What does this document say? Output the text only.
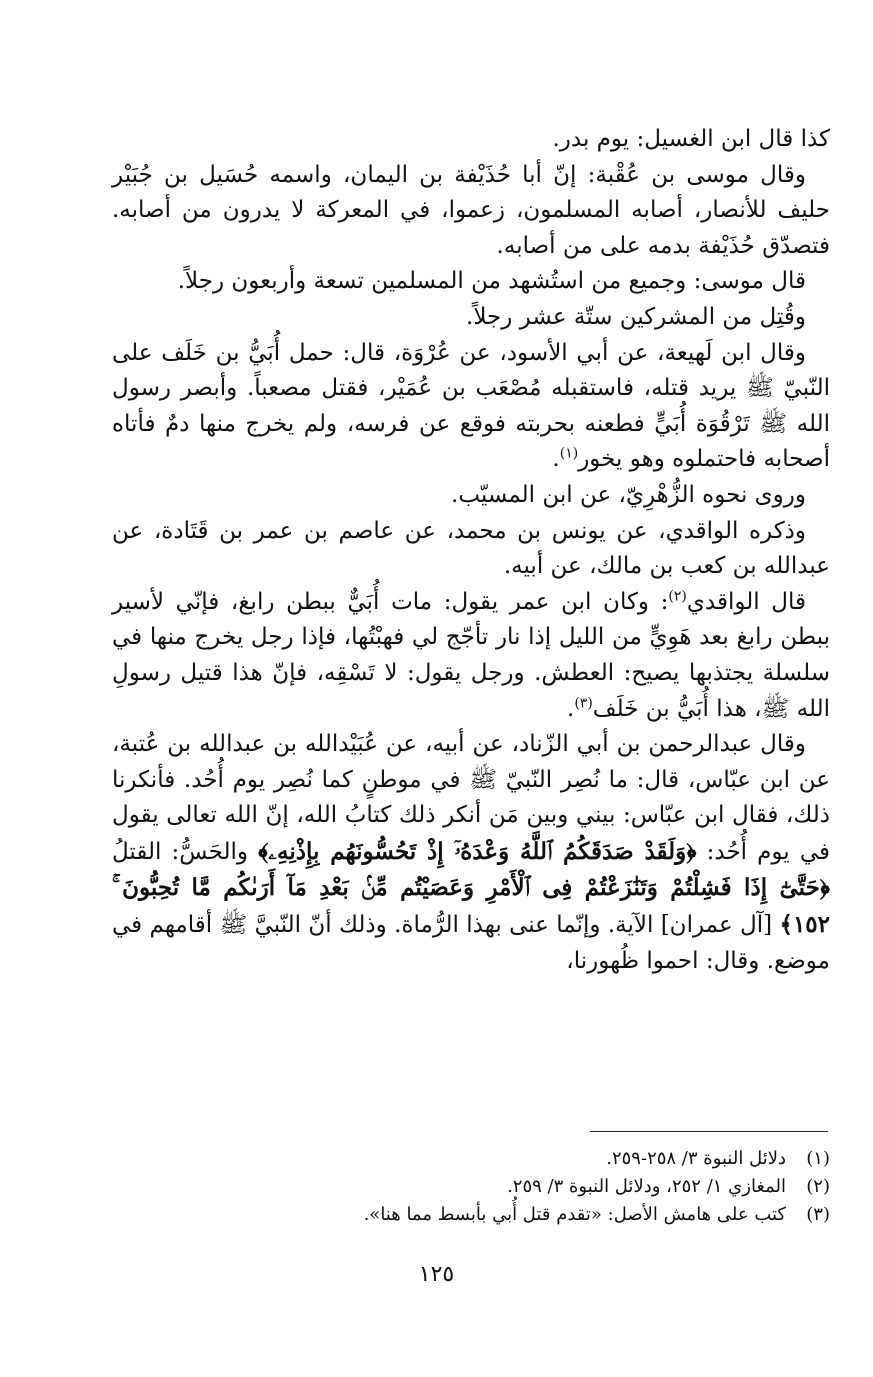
كذا قال ابن الغسيل: يوم بدر.

وقال موسى بن عُقْبة: إنّ أبا حُذَيْفة بن اليمان، واسمه حُسَيل بن جُبَيْر حليف للأنصار، أصابه المسلمون، زعموا، في المعركة لا يدرون من أصابه. فتصدّق حُذَيْفة بدمه على من أصابه.

قال موسى: وجميع من استُشهد من المسلمين تسعة وأربعون رجلاً.

وقُتِل من المشركين ستّة عشر رجلاً.

وقال ابن لَهيعة، عن أبي الأسود، عن عُرْوَة، قال: حمل أُبَيُّ بن خَلَف على النّبيّ ﷺ يريد قتله، فاستقبله مُصْعَب بن عُمَيْر، فقتل مصعباً. وأبصر رسول الله ﷺ تَرْقُوَة أُبَيٍّ فطعنه بحربته فوقع عن فرسه، ولم يخرج منها دمٌ فأتاه أصحابه فاحتملوه وهو يخور$^{(١)}$.

وروى نحوه الزُّهْرِيّ، عن ابن المسيّب.

وذكره الواقدي، عن يونس بن محمد، عن عاصم بن عمر بن قَتَادة، عن عبدالله بن كعب بن مالك، عن أبيه.

قال الواقدي$^{(٢)}$: وكان ابن عمر يقول: مات أُبَيٌّ ببطن رابغ، فإنّي لأسير ببطن رابغ بعد هَوِيٍّ من الليل إذا نار تأجّج لي فهبْتُها، فإذا رجل يخرج منها في سلسلة يجتذبها يصيح: العطش. ورجل يقول: لا تَسْقِه، فإنّ هذا قتيل رسولِ الله ﷺ، هذا أُبَيُّ بن خَلَف$^{(٣)}$.

وقال عبدالرحمن بن أبي الزّناد، عن أبيه، عن عُبَيْدالله بن عبدالله بن عُتبة، عن ابن عبّاس، قال: ما نُصِر النّبيّ ﷺ في موطنٍ كما نُصِر يوم أُحُد. فأنكرنا ذلك، فقال ابن عبّاس: بيني وبين مَن أنكر ذلك كتابُ الله، إنّ الله تعالى يقول في يوم أُحُد: ﴿وَلَقَدْ صَدَقَكُمُ ٱللَّهُ وَعْدَهُۥٓ إِذْ تَحُسُّونَهُم بِإِذْنِهِۦ﴾ والحَسُّ: القتلُ ﴿حَتَّىٰٓ إِذَا فَشِلْتُمْ وَتَنَٰزَعْتُمْ فِى ٱلْأَمْرِ وَعَصَيْتُم مِّنۢ بَعْدِ مَآ أَرَىٰكُم مَّا تُحِبُّونَ ۚ ١٥٢﴾ [آل عمران] الآية. وإنّما عنى بهذا الرُّماة. وذلك أنّ النّبيَّ ﷺ أقامهم في موضع. وقال: احموا ظُهورنا،

(١)دلائل النبوة ٣/ ٢٥٨-٢٥٩.
(٢)المغازي ١/ ٢٥٢، ودلائل النبوة ٣/ ٢٥٩.
(٣)كتب على هامش الأصل: «تقدم قتل أُبي بأبسط مما هنا».
١٢٥
